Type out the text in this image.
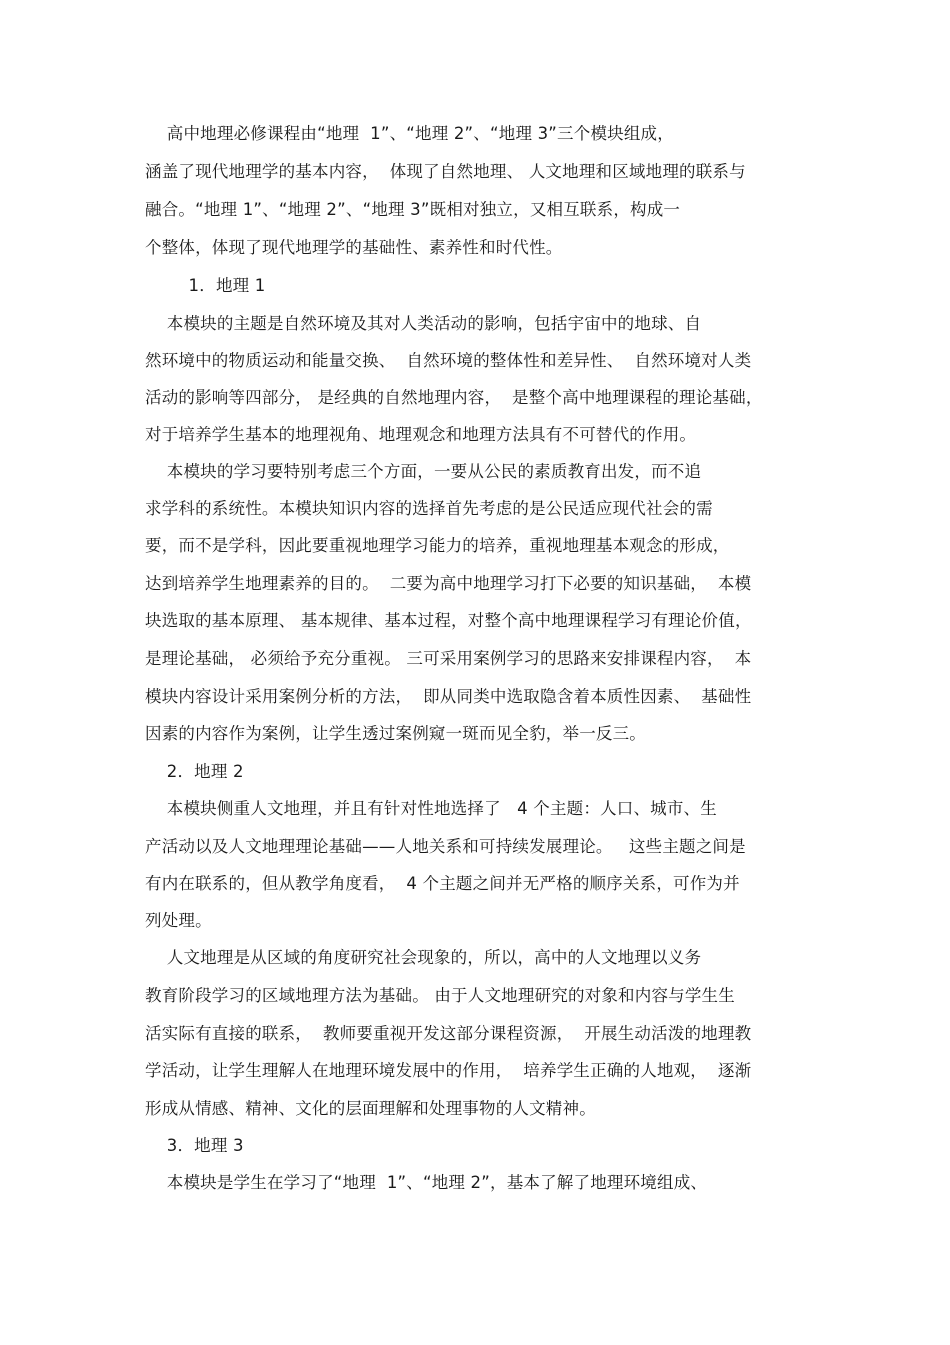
高中地理必修课程由“地理  1”、“地理 2”、“地理 3”三个模块组成，
涵盖了现代地理学的基本内容，  体现了自然地理、 人文地理和区域地理的联系与
融合。“地理 1”、“地理 2”、“地理 3”既相对独立，又相互联系，构成一
个整体，体现了现代地理学的基础性、素养性和时代性。
1．地理 1
本模块的主题是自然环境及其对人类活动的影响，包括宇宙中的地球、自
然环境中的物质运动和能量交换、  自然环境的整体性和差异性、  自然环境对人类
活动的影响等四部分， 是经典的自然地理内容，  是整个高中地理课程的理论基础，
对于培养学生基本的地理视角、地理观念和地理方法具有不可替代的作用。
本模块的学习要特别考虑三个方面，一要从公民的素质教育出发，而不追
求学科的系统性。本模块知识内容的选择首先考虑的是公民适应现代社会的需
要，而不是学科，因此要重视地理学习能力的培养，重视地理基本观念的形成，
达到培养学生地理素养的目的。  二要为高中地理学习打下必要的知识基础，  本模
块选取的基本原理、 基本规律、基本过程，对整个高中地理课程学习有理论价值，
是理论基础， 必须给予充分重视。 三可采用案例学习的思路来安排课程内容，  本
模块内容设计采用案例分析的方法，  即从同类中选取隐含着本质性因素、  基础性
因素的内容作为案例，让学生透过案例窥一斑而见全豹，举一反三。
2．地理 2
本模块侧重人文地理，并且有针对性地选择了   4 个主题：人口、城市、生
产活动以及人文地理理论基础——人地关系和可持续发展理论。   这些主题之间是
有内在联系的，但从教学角度看，  4 个主题之间并无严格的顺序关系，可作为并
列处理。
人文地理是从区域的角度研究社会现象的，所以，高中的人文地理以义务
教育阶段学习的区域地理方法为基础。 由于人文地理研究的对象和内容与学生生
活实际有直接的联系，  教师要重视开发这部分课程资源，  开展生动活泼的地理教
学活动，让学生理解人在地理环境发展中的作用，  培养学生正确的人地观，  逐渐
形成从情感、精神、文化的层面理解和处理事物的人文精神。
3．地理 3
本模块是学生在学习了“地理  1”、“地理 2”，基本了解了地理环境组成、
